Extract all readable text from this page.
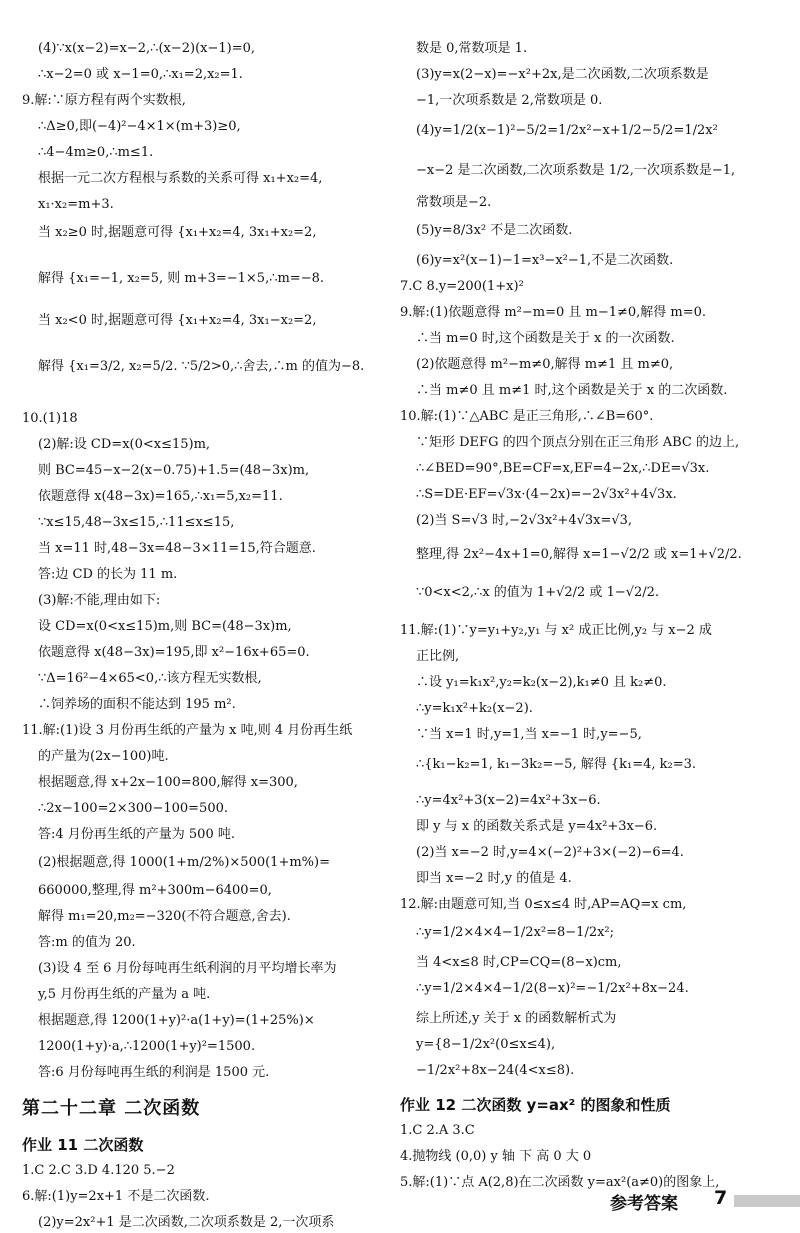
(4)∵x(x−2)=x−2,∴(x−2)(x−1)=0,
∴x−2=0 或 x−1=0,∴x₁=2,x₂=1.
9.解:∵原方程有两个实数根,
∴Δ≥0,即(−4)²−4×1×(m+3)≥0,
∴4−4m≥0,∴m≤1.
根据一元二次方程根与系数的关系可得 x₁+x₂=4,
x₁·x₂=m+3.
当 x₂≥0 时,据题意可得 {x₁+x₂=4, 3x₁+x₂=2,
解得 {x₁=−1, x₂=5, 则 m+3=−1×5,∴m=−8.
当 x₂<0 时,据题意可得 {x₁+x₂=4, 3x₁−x₂=2,
解得 {x₁=3/2, x₂=5/2. ∵5/2>0,∴舍去,∴m 的值为−8.
10.(1)18
(2)解:设 CD=x(0<x≤15)m,
则 BC=45−x−2(x−0.75)+1.5=(48−3x)m,
依题意得 x(48−3x)=165,∴x₁=5,x₂=11.
∵x≤15,48−3x≤15,∴11≤x≤15,
当 x=11 时,48−3x=48−3×11=15,符合题意.
答:边 CD 的长为 11 m.
(3)解:不能,理由如下:
设 CD=x(0<x≤15)m,则 BC=(48−3x)m,
依题意得 x(48−3x)=195,即 x²−16x+65=0.
∵Δ=16²−4×65<0,∴该方程无实数根,
∴饲养场的面积不能达到 195 m².
11.解:(1)设 3 月份再生纸的产量为 x 吨,则 4 月份再生纸
的产量为(2x−100)吨.
根据题意,得 x+2x−100=800,解得 x=300,
∴2x−100=2×300−100=500.
答:4 月份再生纸的产量为 500 吨.
(2)根据题意,得 1000(1+m/2%)×500(1+m%)=
660000,整理,得 m²+300m−6400=0,
解得 m₁=20,m₂=−320(不符合题意,舍去).
答:m 的值为 20.
(3)设 4 至 6 月份每吨再生纸利润的月平均增长率为
y,5 月份再生纸的产量为 a 吨.
根据题意,得 1200(1+y)²·a(1+y)=(1+25%)×
1200(1+y)·a,∴1200(1+y)²=1500.
答:6 月份每吨再生纸的利润是 1500 元.
第二十二章 二次函数
作业 11 二次函数
1.C 2.C 3.D 4.120 5.−2
6.解:(1)y=2x+1 不是二次函数.
(2)y=2x²+1 是二次函数,二次项系数是 2,一次项系
数是 0,常数项是 1.
(3)y=x(2−x)=−x²+2x,是二次函数,二次项系数是
−1,一次项系数是 2,常数项是 0.
(4)y=1/2(x−1)²−5/2=1/2x²−x+1/2−5/2=1/2x²
−x−2 是二次函数,二次项系数是 1/2,一次项系数是−1,
常数项是−2.
(5)y=8/3x² 不是二次函数.
(6)y=x²(x−1)−1=x³−x²−1,不是二次函数.
7.C 8.y=200(1+x)²
9.解:(1)依题意得 m²−m=0 且 m−1≠0,解得 m=0.
∴当 m=0 时,这个函数是关于 x 的一次函数.
(2)依题意得 m²−m≠0,解得 m≠1 且 m≠0,
∴当 m≠0 且 m≠1 时,这个函数是关于 x 的二次函数.
10.解:(1)∵△ABC 是正三角形,∴∠B=60°.
∵矩形 DEFG 的四个顶点分别在正三角形 ABC 的边上,
∴∠BED=90°,BE=CF=x,EF=4−2x,∴DE=√3x.
∴S=DE·EF=√3x·(4−2x)=−2√3x²+4√3x.
(2)当 S=√3 时,−2√3x²+4√3x=√3,
整理,得 2x²−4x+1=0,解得 x=1−√2/2 或 x=1+√2/2.
∵0<x<2,∴x 的值为 1+√2/2 或 1−√2/2.
11.解:(1)∵y=y₁+y₂,y₁ 与 x² 成正比例,y₂ 与 x−2 成
正比例,
∴设 y₁=k₁x²,y₂=k₂(x−2),k₁≠0 且 k₂≠0.
∴y=k₁x²+k₂(x−2).
∵当 x=1 时,y=1,当 x=−1 时,y=−5,
∴{k₁−k₂=1, k₁−3k₂=−5, 解得 {k₁=4, k₂=3.
∴y=4x²+3(x−2)=4x²+3x−6.
即 y 与 x 的函数关系式是 y=4x²+3x−6.
(2)当 x=−2 时,y=4×(−2)²+3×(−2)−6=4.
即当 x=−2 时,y 的值是 4.
12.解:由题意可知,当 0≤x≤4 时,AP=AQ=x cm,
∴y=1/2×4×4−1/2x²=8−1/2x²;
当 4<x≤8 时,CP=CQ=(8−x)cm,
∴y=1/2×4×4−1/2(8−x)²=−1/2x²+8x−24.
综上所述,y 关于 x 的函数解析式为
y={8−1/2x²(0≤x≤4),
−1/2x²+8x−24(4<x≤8).
作业 12 二次函数 y=ax² 的图象和性质
1.C 2.A 3.C
4.抛物线 (0,0) y 轴 下 高 0 大 0
5.解:(1)∵点 A(2,8)在二次函数 y=ax²(a≠0)的图象上,
参考答案 7
